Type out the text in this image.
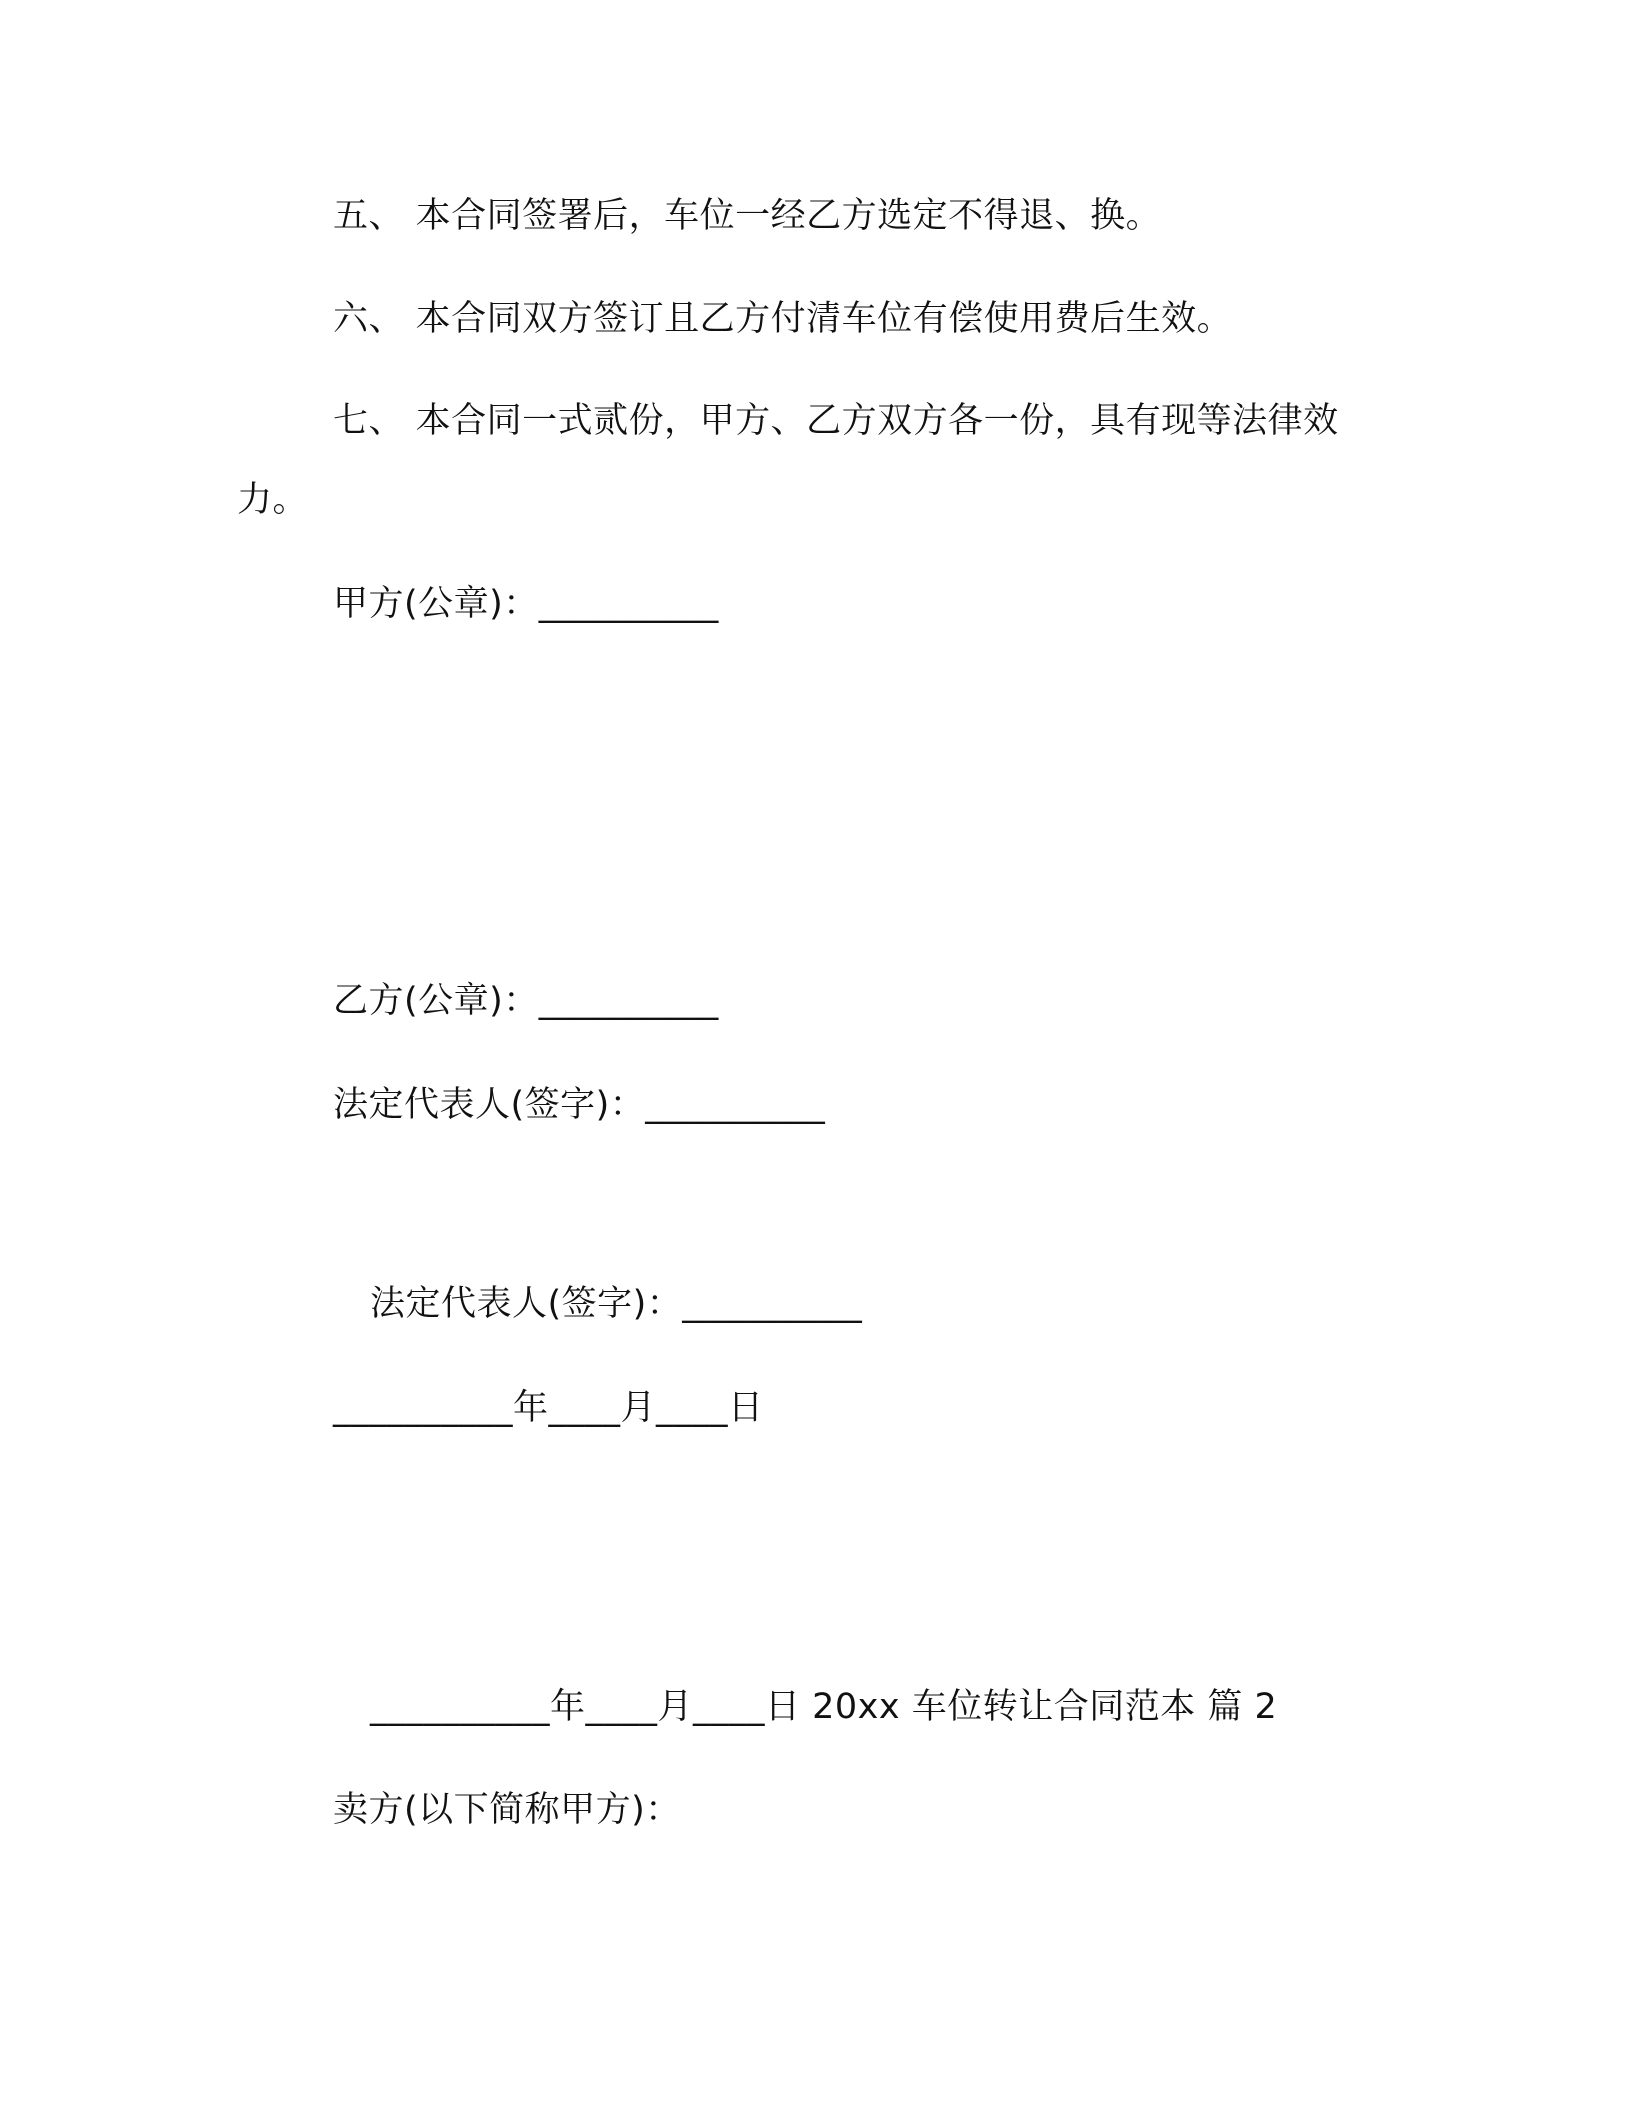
五、 本合同签署后，车位一经乙方选定不得退、换。
六、 本合同双方签订且乙方付清车位有偿使用费后生效。
七、 本合同一式贰份，甲方、乙方双方各一份，具有现等法律效
力。
甲方(公章)：__________
乙方(公章)：__________
法定代表人(签字)：__________
法定代表人(签字)：__________
__________年____月____日
__________年____月____日 20xx 车位转让合同范本 篇 2
卖方(以下简称甲方)：
